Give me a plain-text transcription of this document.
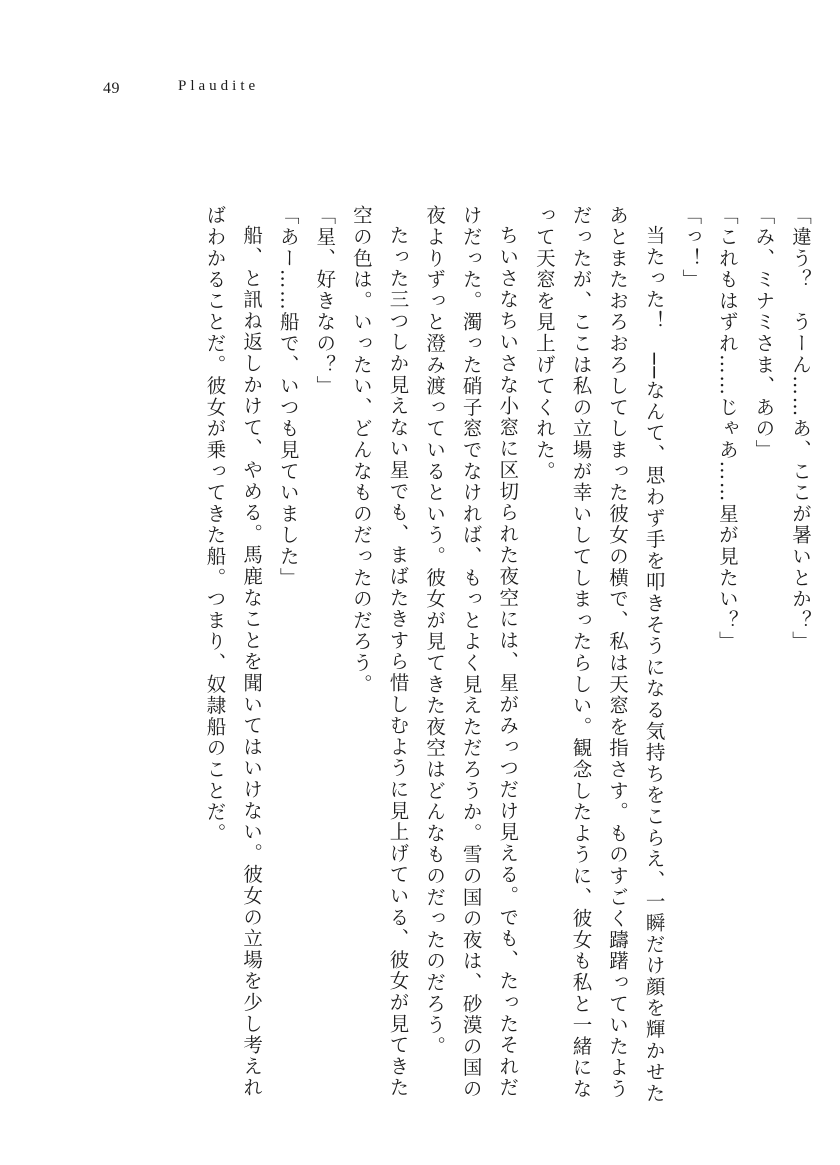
49	Plaudite

「違う？　うーん……あ、ここが暑いとか？」

「み、ミナミさま、あの」

「これもはずれ……じゃあ……星が見たい？」

「っ！」

当たった！　──なんて、思わず手を叩きそうになる気持ちをこらえ、一瞬だけ顔を輝かせたあとまたおろおろしてしまった彼女の横で、私は天窓を指さす。ものすごく躊躇っていたようだったが、ここは私の立場が幸いしてしまったらしい。観念したように、彼女も私と一緒になって天窓を見上げてくれた。

ちいさなちいさな小窓に区切られた夜空には、星がみっつだけ見える。でも、たったそれだけだった。濁った硝子窓でなければ、もっとよく見えただろうか。雪の国の夜は、砂漠の国の夜よりずっと澄み渡っているという。彼女が見てきた夜空はどんなものだったのだろう。

たった三つしか見えない星でも、まばたきすら惜しむように見上げている、彼女が見てきた空の色は。いったい、どんなものだったのだろう。

「星、好きなの？」

「あー……船で、いつも見ていました」

船、と訊ね返しかけて、やめる。馬鹿なことを聞いてはいけない。彼女の立場を少し考えればわかることだ。彼女が乗ってきた船。つまり、奴隷船のことだ。
